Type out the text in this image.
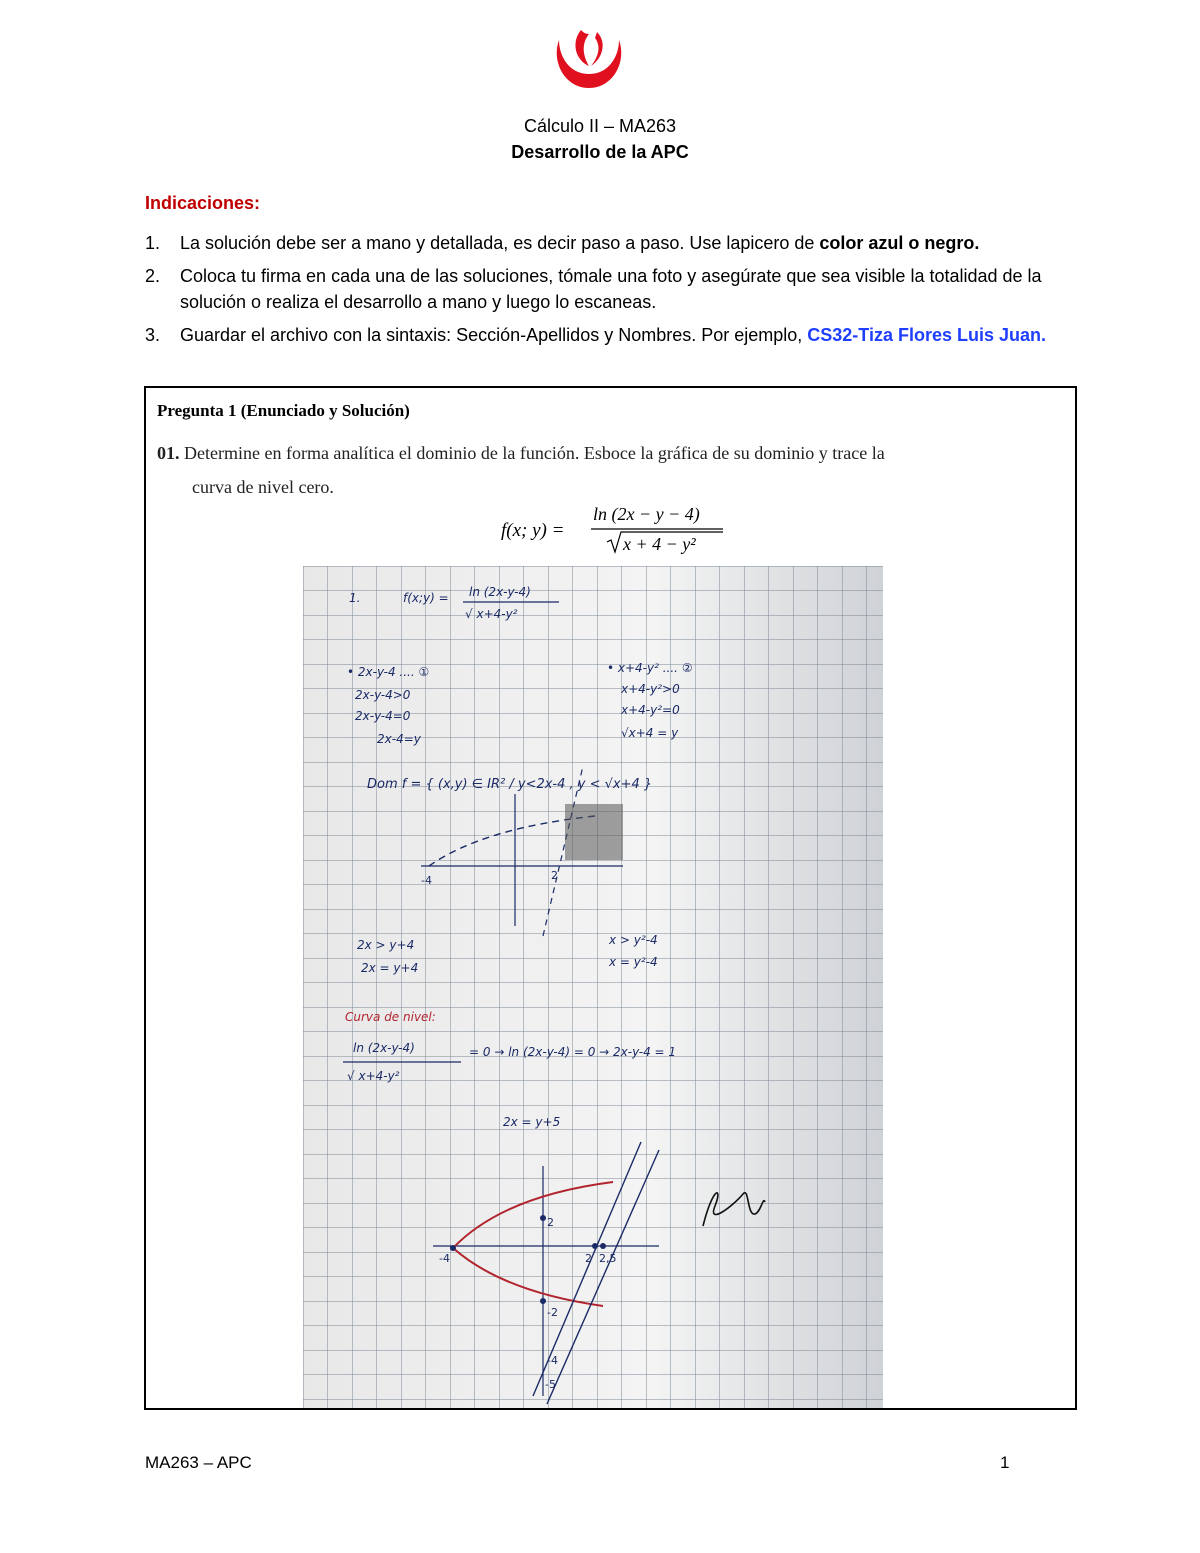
Cálculo II – MA263
Desarrollo de la APC
Indicaciones:
1. La solución debe ser a mano y detallada, es decir paso a paso. Use lapicero de color azul o negro.
2. Coloca tu firma en cada una de las soluciones, tómale una foto y asegúrate que sea visible la totalidad de la solución o realiza el desarrollo a mano y luego lo escaneas.
3. Guardar el archivo con la sintaxis: Sección-Apellidos y Nombres. Por ejemplo, CS32-Tiza Flores Luis Juan.
Pregunta 1 (Enunciado y Solución)
01. Determine en forma analítica el dominio de la función. Esboce la gráfica de su dominio y trace la
curva de nivel cero.
f(x; y) =
ln (2x − y − 4)
x + 4 − y²
1.	f(x;y) = ln (2x-y-4)
√ x+4-y²
• 2x-y-4 .... ①
2x-y-4>0
2x-y-4=0
2x-4=y
• x+4-y² .... ②
x+4-y²>0
x+4-y²=0
√x+4 = y
Dom f = { (x,y) ∈ IR² / y<2x-4 , y < √x+4 }
-4	2
2x > y+4
2x = y+4
x > y²-4
x = y²-4
Curva de nivel:
ln (2x-y-4)
√ x+4-y²
= 0 → ln (2x-y-4) = 0 → 2x-y-4 = 1
2x = y+5
2
-4	2 2,5
-2
-4
-5
MA263 – APC	1
